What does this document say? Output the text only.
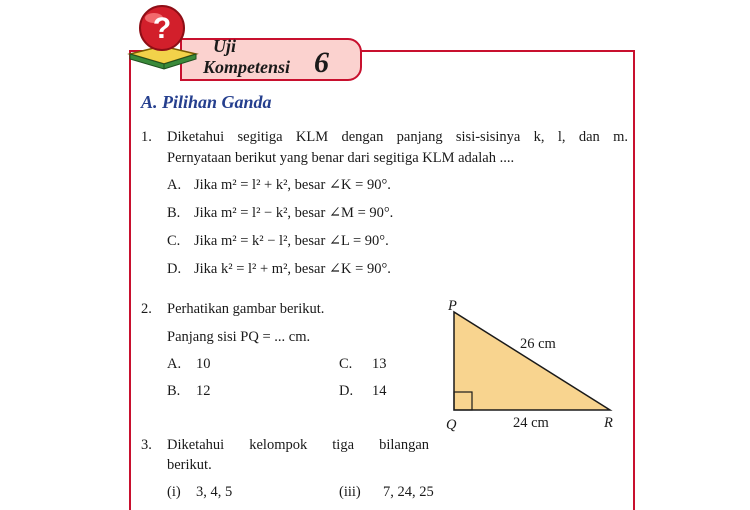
?
Uji
Kompetensi 6
A. Pilihan Ganda
1. Diketahui segitiga KLM dengan panjang sisi-sisinya k, l, dan m.
Pernyataan berikut yang benar dari segitiga KLM adalah ....
A. Jika m² = l² + k², besar ∠K = 90°.
B. Jika m² = l² − k², besar ∠M = 90°.
C. Jika m² = k² − l², besar ∠L = 90°.
D. Jika k² = l² + m², besar ∠K = 90°.
2. Perhatikan gambar berikut.
Panjang sisi PQ = ... cm.
A. 10
B. 12
C. 13
D. 14
P
Q	R
26 cm
24 cm
3. Diketahui kelompok tiga bilangan
berikut.
(i) 3, 4, 5	(iii) 7, 24, 25
